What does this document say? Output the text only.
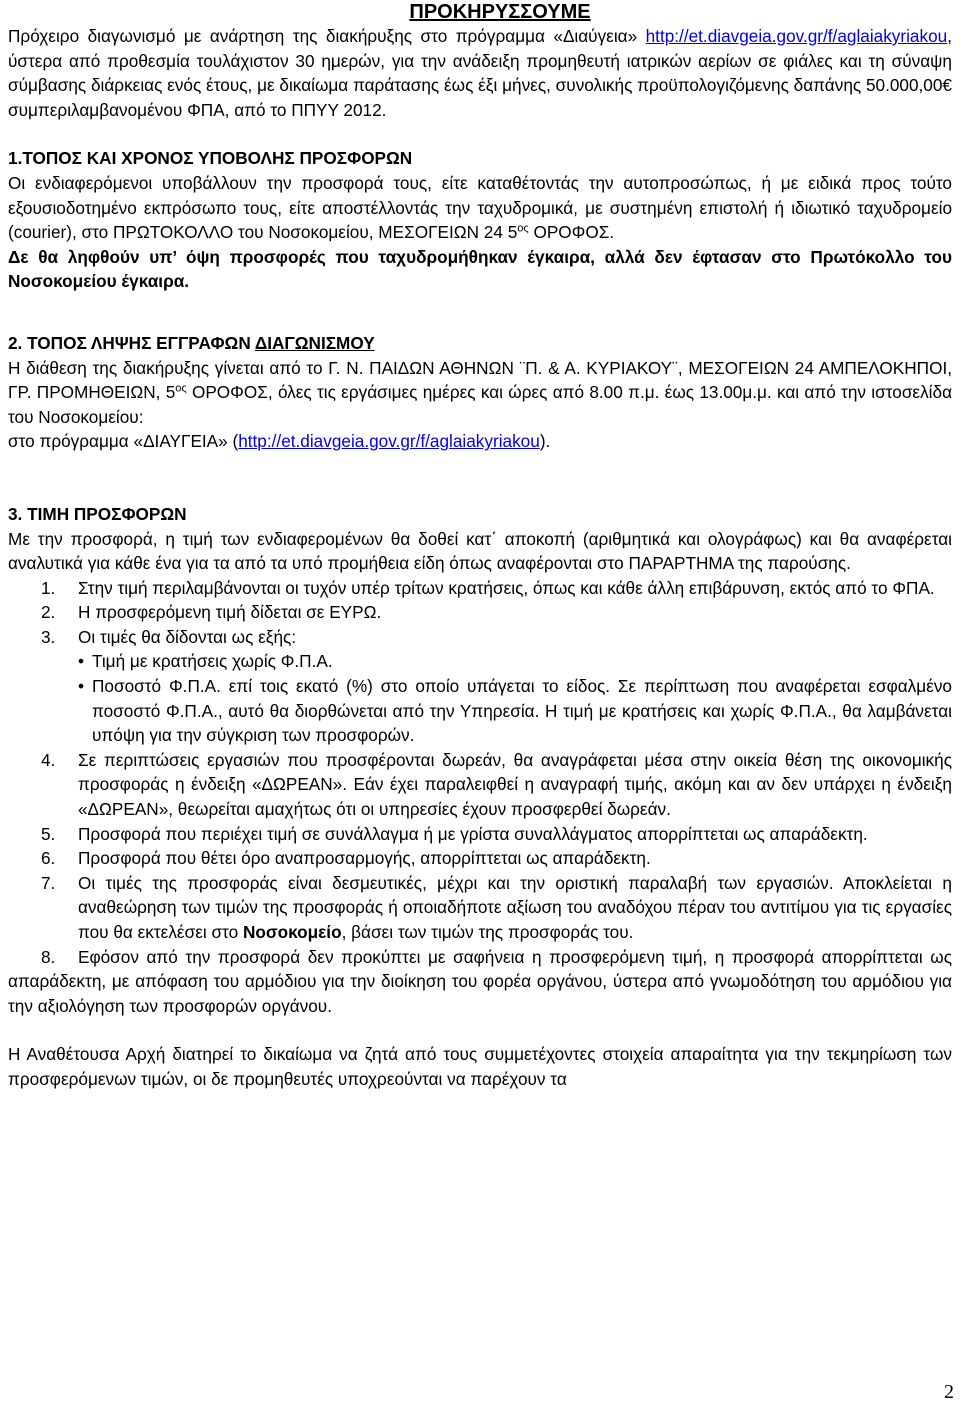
ΠΡΟΚΗΡΥΣΣΟΥΜΕ

Πρόχειρο διαγωνισμό με ανάρτηση της διακήρυξης στο πρόγραμμα «Διαύγεια» http://et.diavgeia.gov.gr/f/aglaiakyriakou, ύστερα από προθεσμία τουλάχιστον 30 ημερών, για την ανάδειξη προμηθευτή ιατρικών αερίων σε φιάλες και τη σύναψη σύμβασης διάρκειας ενός έτους, με δικαίωμα παράτασης έως έξι μήνες, συνολικής προϋπολογιζόμενης δαπάνης 50.000,00€ συμπεριλαμβανομένου ΦΠΑ, από το ΠΠΥΥ 2012.

1.ΤΟΠΟΣ ΚΑΙ ΧΡΟΝΟΣ ΥΠΟΒΟΛΗΣ ΠΡΟΣΦΟΡΩΝ

Οι ενδιαφερόμενοι υποβάλλουν την προσφορά τους, είτε καταθέτοντάς την αυτοπροσώπως, ή με ειδικά προς τούτο εξουσιοδοτημένο εκπρόσωπο τους, είτε αποστέλλοντάς την ταχυδρομικά, με συστημένη επιστολή ή ιδιωτικό ταχυδρομείο (courier), στο ΠΡΩΤΟΚΟΛΛΟ του Νοσοκομείου, ΜΕΣΟΓΕΙΩΝ 24 $5^{o\varsigma}$ ΟΡΟΦΟΣ.

Δε θα ληφθούν υπ’ όψη προσφορές που ταχυδρομήθηκαν έγκαιρα, αλλά δεν έφτασαν στο Πρωτόκολλο του Νοσοκομείου έγκαιρα.

2. ΤΟΠΟΣ ΛΗΨΗΣ ΕΓΓΡΑΦΩΝ ΔΙΑΓΩΝΙΣΜΟΥ

Η διάθεση της διακήρυξης γίνεται από το Γ. Ν. ΠΑΙΔΩΝ ΑΘΗΝΩΝ ¨Π. & Α. ΚΥΡΙΑΚΟΥ¨, ΜΕΣΟΓΕΙΩΝ 24 ΑΜΠΕΛΟΚΗΠΟΙ, ΓΡ. ΠΡΟΜΗΘΕΙΩΝ, $5^{o\varsigma}$ ΟΡΟΦΟΣ, όλες τις εργάσιμες ημέρες και ώρες από 8.00 π.μ. έως 13.00μ.μ. και από την ιστοσελίδα του Νοσοκομείου:

στο πρόγραμμα «ΔΙΑΥΓΕΙΑ» (http://et.diavgeia.gov.gr/f/aglaiakyriakou).

3. ΤΙΜΗ ΠΡΟΣΦΟΡΩΝ

Με την προσφορά, η τιμή των ενδιαφερομένων θα δοθεί κατ΄ αποκοπή (αριθμητικά και ολογράφως) και θα αναφέρεται αναλυτικά για κάθε ένα για τα από τα υπό προμήθεια είδη όπως αναφέρονται στο ΠΑΡΑΡΤΗΜΑ της παρούσης.

1. Στην τιμή περιλαμβάνονται οι τυχόν υπέρ τρίτων κρατήσεις, όπως και κάθε άλλη επιβάρυνση, εκτός από το ΦΠΑ.
2. Η προσφερόμενη τιμή δίδεται σε ΕΥΡΩ.
3. Οι τιμές θα δίδονται ως εξής:
• Τιμή με κρατήσεις χωρίς Φ.Π.Α.
• Ποσοστό Φ.Π.Α. επί τοις εκατό (%) στο οποίο υπάγεται το είδος. Σε περίπτωση που αναφέρεται εσφαλμένο ποσοστό Φ.Π.Α., αυτό θα διορθώνεται από την Υπηρεσία. Η τιμή με κρατήσεις και χωρίς Φ.Π.Α., θα λαμβάνεται υπόψη για την σύγκριση των προσφορών.
4. Σε περιπτώσεις εργασιών που προσφέρονται δωρεάν, θα αναγράφεται μέσα στην οικεία θέση της οικονομικής προσφοράς η ένδειξη «ΔΩΡΕΑΝ». Εάν έχει παραλειφθεί η αναγραφή τιμής, ακόμη και αν δεν υπάρχει η ένδειξη «ΔΩΡΕΑΝ», θεωρείται αμαχήτως ότι οι υπηρεσίες έχουν προσφερθεί δωρεάν.
5. Προσφορά που περιέχει τιμή σε συνάλλαγμα ή με γρίστα συναλλάγματος απορρίπτεται ως απαράδεκτη.
6. Προσφορά που θέτει όρο αναπροσαρμογής, απορρίπτεται ως απαράδεκτη.
7. Οι τιμές της προσφοράς είναι δεσμευτικές, μέχρι και την οριστική παραλαβή των εργασιών. Αποκλείεται η αναθεώρηση των τιμών της προσφοράς ή οποιαδήποτε αξίωση του αναδόχου πέραν του αντιτίμου για τις εργασίες που θα εκτελέσει στο Νοσοκομείο, βάσει των τιμών της προσφοράς του.
8. Εφόσον από την προσφορά δεν προκύπτει με σαφήνεια η προσφερόμενη τιμή, η προσφορά απορρίπτεται ως απαράδεκτη, με απόφαση του αρμόδιου για την διοίκηση του φορέα οργάνου, ύστερα από γνωμοδότηση του αρμόδιου για την αξιολόγηση των προσφορών οργάνου.

Η Αναθέτουσα Αρχή διατηρεί το δικαίωμα να ζητά από τους συμμετέχοντες στοιχεία απαραίτητα για την τεκμηρίωση των προσφερόμενων τιμών, οι δε προμηθευτές υποχρεούνται να παρέχουν τα

2
